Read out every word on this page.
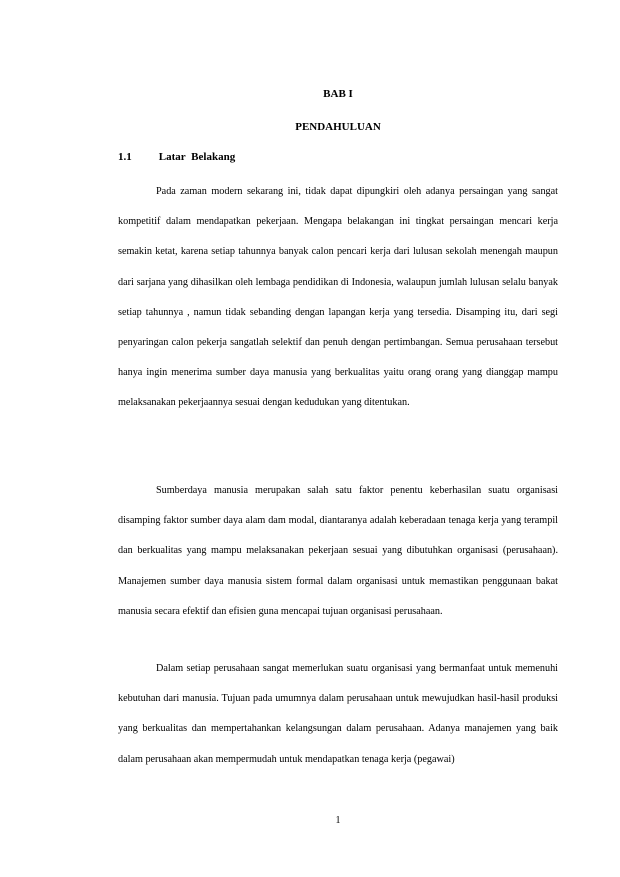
BAB I
PENDAHULUAN
1.1 Latar Belakang

Pada zaman modern sekarang ini, tidak dapat dipungkiri oleh adanya persaingan yang sangat kompetitif dalam mendapatkan pekerjaan. Mengapa belakangan ini tingkat persaingan mencari kerja semakin ketat, karena setiap tahunnya banyak calon pencari kerja dari lulusan sekolah menengah maupun dari sarjana yang dihasilkan oleh lembaga pendidikan di Indonesia, walaupun jumlah lulusan selalu banyak setiap tahunnya , namun tidak sebanding dengan lapangan kerja yang tersedia. Disamping itu, dari segi penyaringan calon pekerja sangatlah selektif dan penuh dengan pertimbangan. Semua perusahaan tersebut hanya ingin menerima sumber daya manusia yang berkualitas yaitu orang orang yang dianggap mampu melaksanakan pekerjaannya sesuai dengan kedudukan yang ditentukan.

Sumberdaya manusia merupakan salah satu faktor penentu keberhasilan suatu organisasi disamping faktor sumber daya alam dam modal, diantaranya adalah keberadaan tenaga kerja yang terampil dan berkualitas yang mampu melaksanakan pekerjaan sesuai yang dibutuhkan organisasi (perusahaan). Manajemen sumber daya manusia sistem formal dalam organisasi untuk memastikan penggunaan bakat manusia secara efektif dan efisien guna mencapai tujuan organisasi perusahaan.

Dalam setiap perusahaan sangat memerlukan suatu organisasi yang bermanfaat untuk memenuhi kebutuhan dari manusia. Tujuan pada umumnya dalam perusahaan untuk mewujudkan hasil-hasil produksi yang berkualitas dan mempertahankan kelangsungan dalam perusahaan. Adanya manajemen yang baik dalam perusahaan akan mempermudah untuk mendapatkan tenaga kerja (pegawai)

1
